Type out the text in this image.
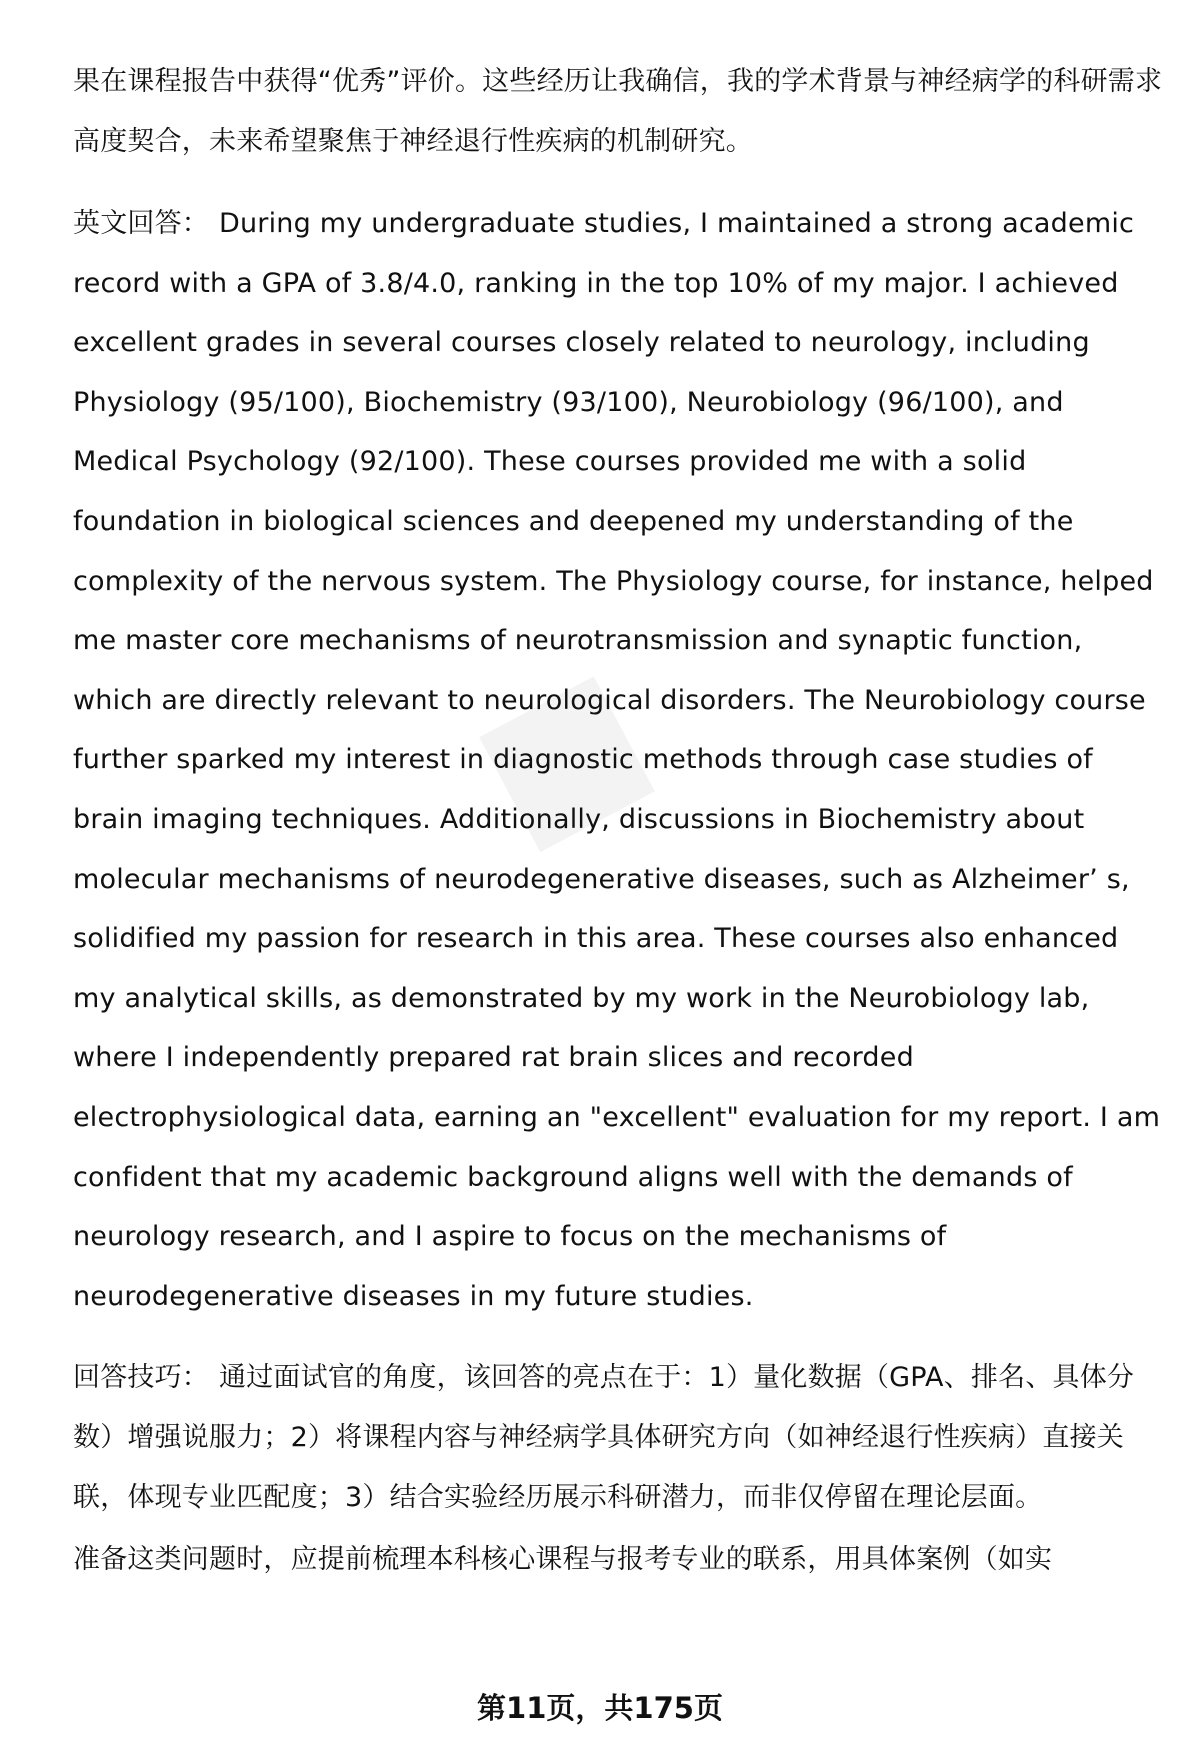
■

果在课程报告中获得“优秀”评价。这些经历让我确信，我的学术背景与神经病学的科研需求高度契合，未来希望聚焦于神经退行性疾病的机制研究。

英文回答： During my undergraduate studies, I maintained a strong academic record with a GPA of 3.8/4.0, ranking in the top 10% of my major. I achieved excellent grades in several courses closely related to neurology, including Physiology (95/100), Biochemistry (93/100), Neurobiology (96/100), and Medical Psychology (92/100). These courses provided me with a solid foundation in biological sciences and deepened my understanding of the complexity of the nervous system. The Physiology course, for instance, helped me master core mechanisms of neurotransmission and synaptic function, which are directly relevant to neurological disorders. The Neurobiology course further sparked my interest in diagnostic methods through case studies of brain imaging techniques. Additionally, discussions in Biochemistry about molecular mechanisms of neurodegenerative diseases, such as Alzheimer’ s, solidified my passion for research in this area. These courses also enhanced my analytical skills, as demonstrated by my work in the Neurobiology lab, where I independently prepared rat brain slices and recorded electrophysiological data, earning an "excellent" evaluation for my report. I am confident that my academic background aligns well with the demands of neurology research, and I aspire to focus on the mechanisms of neurodegenerative diseases in my future studies.

回答技巧： 通过面试官的角度，该回答的亮点在于：1）量化数据（GPA、排名、具体分数）增强说服力；2）将课程内容与神经病学具体研究方向（如神经退行性疾病）直接关联，体现专业匹配度；3）结合实验经历展示科研潜力，而非仅停留在理论层面。

准备这类问题时，应提前梳理本科核心课程与报考专业的联系，用具体案例（如实

第11页，共175页
